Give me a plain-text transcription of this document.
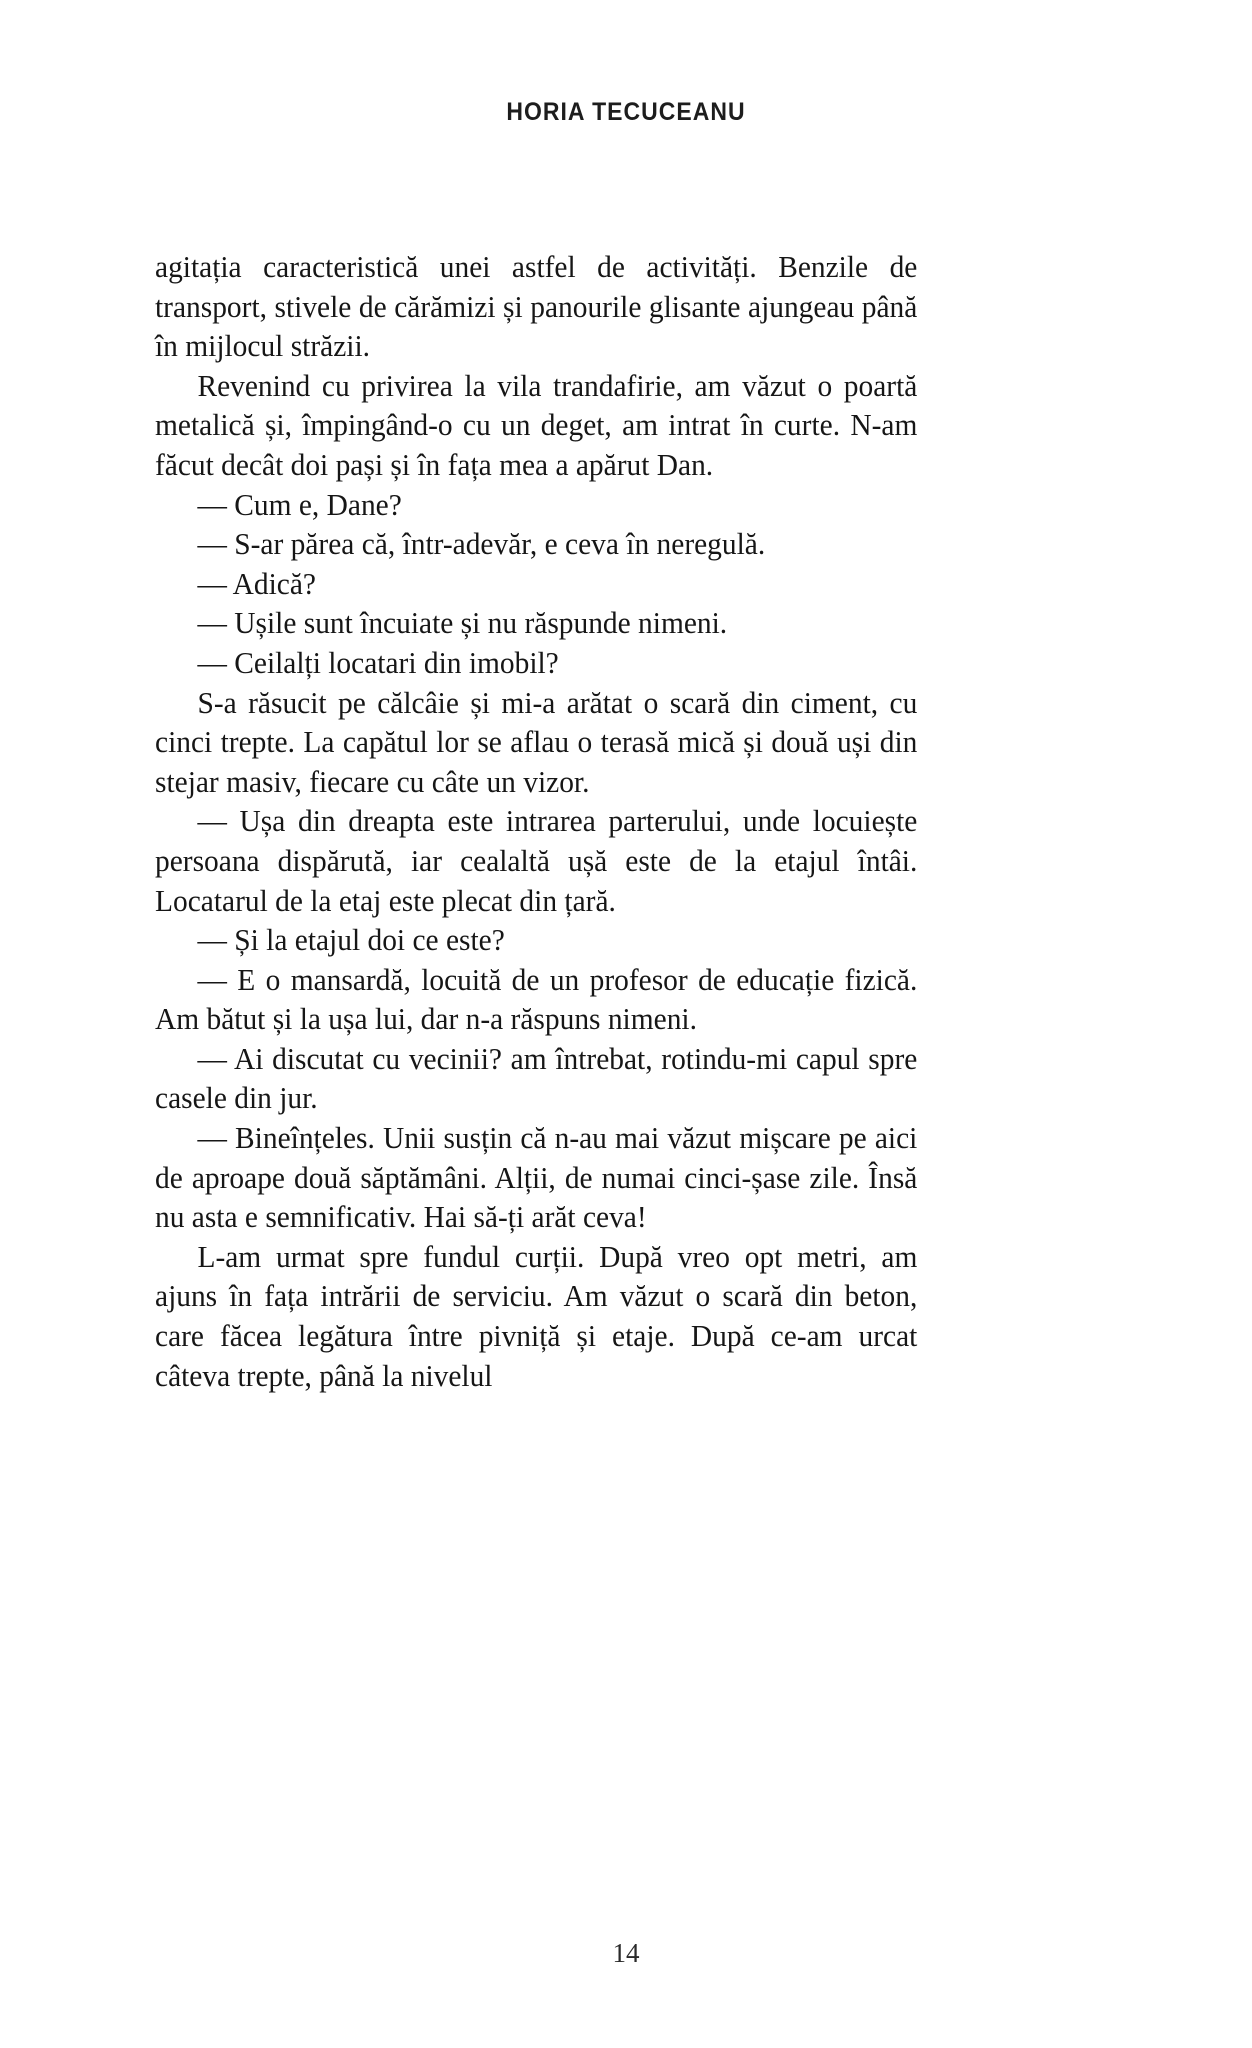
HORIA TECUCEANU

agitația caracteristică unei astfel de activități. Benzile de transport, stivele de cărămizi și panourile glisante ajungeau până în mijlocul străzii.

Revenind cu privirea la vila trandafirie, am văzut o poartă metalică și, împingând-o cu un deget, am intrat în curte. N-am făcut decât doi pași și în fața mea a apărut Dan.

— Cum e, Dane?

— S-ar părea că, într-adevăr, e ceva în neregulă.

— Adică?

— Ușile sunt încuiate și nu răspunde nimeni.

— Ceilalți locatari din imobil?

S-a răsucit pe călcâie și mi-a arătat o scară din ciment, cu cinci trepte. La capătul lor se aflau o terasă mică și două uși din stejar masiv, fiecare cu câte un vizor.

— Ușa din dreapta este intrarea parterului, unde locuiește persoana dispărută, iar cealaltă ușă este de la etajul întâi. Locatarul de la etaj este plecat din țară.

— Și la etajul doi ce este?

— E o mansardă, locuită de un profesor de educație fizică. Am bătut și la ușa lui, dar n-a răspuns nimeni.

— Ai discutat cu vecinii? am întrebat, rotindu-mi capul spre casele din jur.

— Bineînțeles. Unii susțin că n-au mai văzut mișcare pe aici de aproape două săptămâni. Alții, de numai cinci-șase zile. Însă nu asta e semnificativ. Hai să-ți arăt ceva!

L-am urmat spre fundul curții. După vreo opt metri, am ajuns în fața intrării de serviciu. Am văzut o scară din beton, care făcea legătura între pivniță și etaje. După ce-am urcat câteva trepte, până la nivelul

14
